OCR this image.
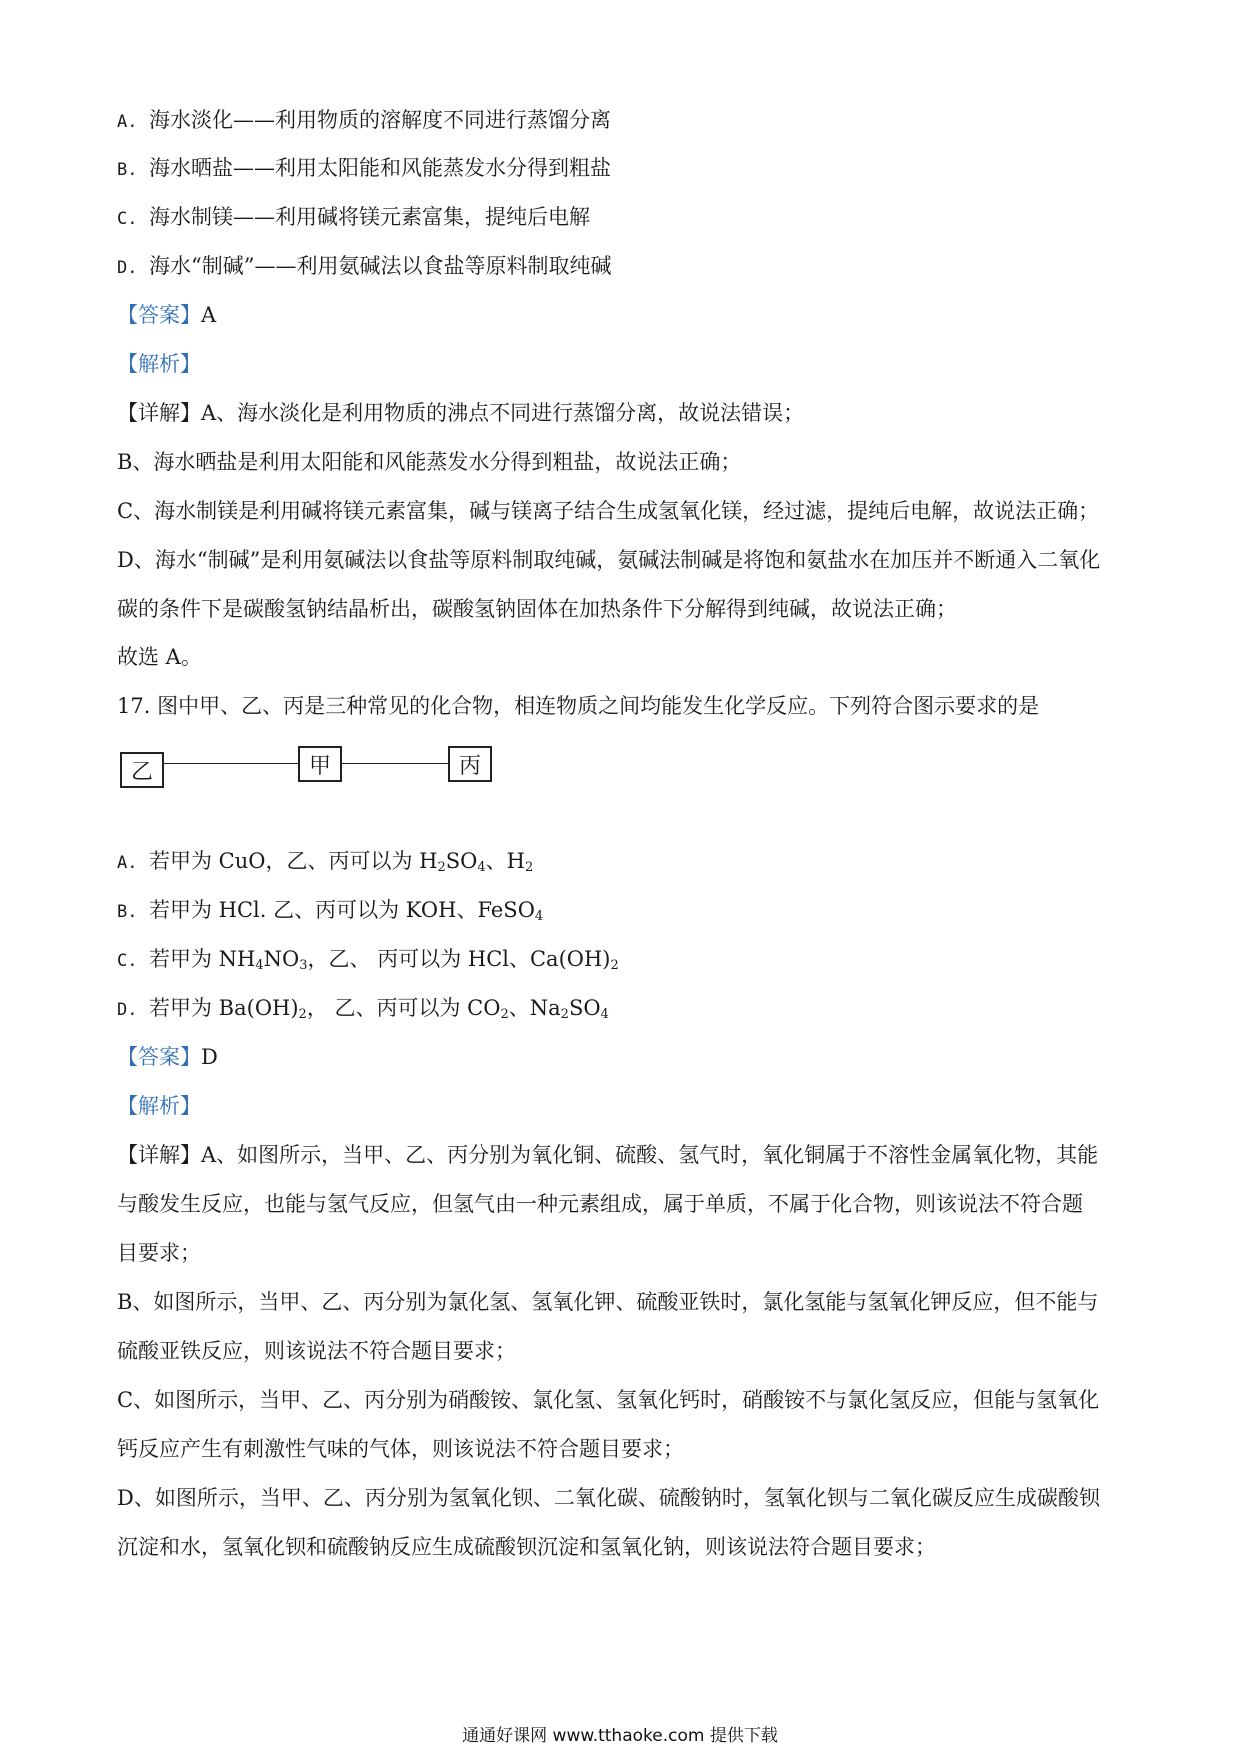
A. 海水淡化——利用物质的溶解度不同进行蒸馏分离
B. 海水晒盐——利用太阳能和风能蒸发水分得到粗盐
C. 海水制镁——利用碱将镁元素富集，提纯后电解
D. 海水“制碱”——利用氨碱法以食盐等原料制取纯碱
【答案】A
【解析】
【详解】A、海水淡化是利用物质的沸点不同进行蒸馏分离，故说法错误；
B、海水晒盐是利用太阳能和风能蒸发水分得到粗盐，故说法正确；
C、海水制镁是利用碱将镁元素富集，碱与镁离子结合生成氢氧化镁，经过滤，提纯后电解，故说法正确；
D、海水“制碱”是利用氨碱法以食盐等原料制取纯碱，氨碱法制碱是将饱和氨盐水在加压并不断通入二氧化
碳的条件下是碳酸氢钠结晶析出，碳酸氢钠固体在加热条件下分解得到纯碱，故说法正确；
故选 A。
17. 图中甲、乙、丙是三种常见的化合物，相连物质之间均能发生化学反应。下列符合图示要求的是
乙	甲	丙
A. 若甲为 CuO，乙、丙可以为 $H_2SO_4$、$H_2$
B. 若甲为 HCl. 乙、丙可以为 KOH、FeSO$_4$
C. 若甲为 $NH_4NO_3$，乙、 丙可以为 HCl、$Ca(OH)_2$
D. 若甲为 $Ba(OH)_2$， 乙、丙可以为 $CO_2$、$Na_2SO_4$
【答案】D
【解析】
【详解】A、如图所示，当甲、乙、丙分别为氧化铜、硫酸、氢气时，氧化铜属于不溶性金属氧化物，其能
与酸发生反应，也能与氢气反应，但氢气由一种元素组成，属于单质，不属于化合物，则该说法不符合题
目要求；
B、如图所示，当甲、乙、丙分别为氯化氢、氢氧化钾、硫酸亚铁时，氯化氢能与氢氧化钾反应，但不能与
硫酸亚铁反应，则该说法不符合题目要求；
C、如图所示，当甲、乙、丙分别为硝酸铵、氯化氢、氢氧化钙时，硝酸铵不与氯化氢反应，但能与氢氧化
钙反应产生有刺激性气味的气体，则该说法不符合题目要求；
D、如图所示，当甲、乙、丙分别为氢氧化钡、二氧化碳、硫酸钠时，氢氧化钡与二氧化碳反应生成碳酸钡
沉淀和水，氢氧化钡和硫酸钠反应生成硫酸钡沉淀和氢氧化钠，则该说法符合题目要求；
通通好课网 www.tthaoke.com 提供下载
